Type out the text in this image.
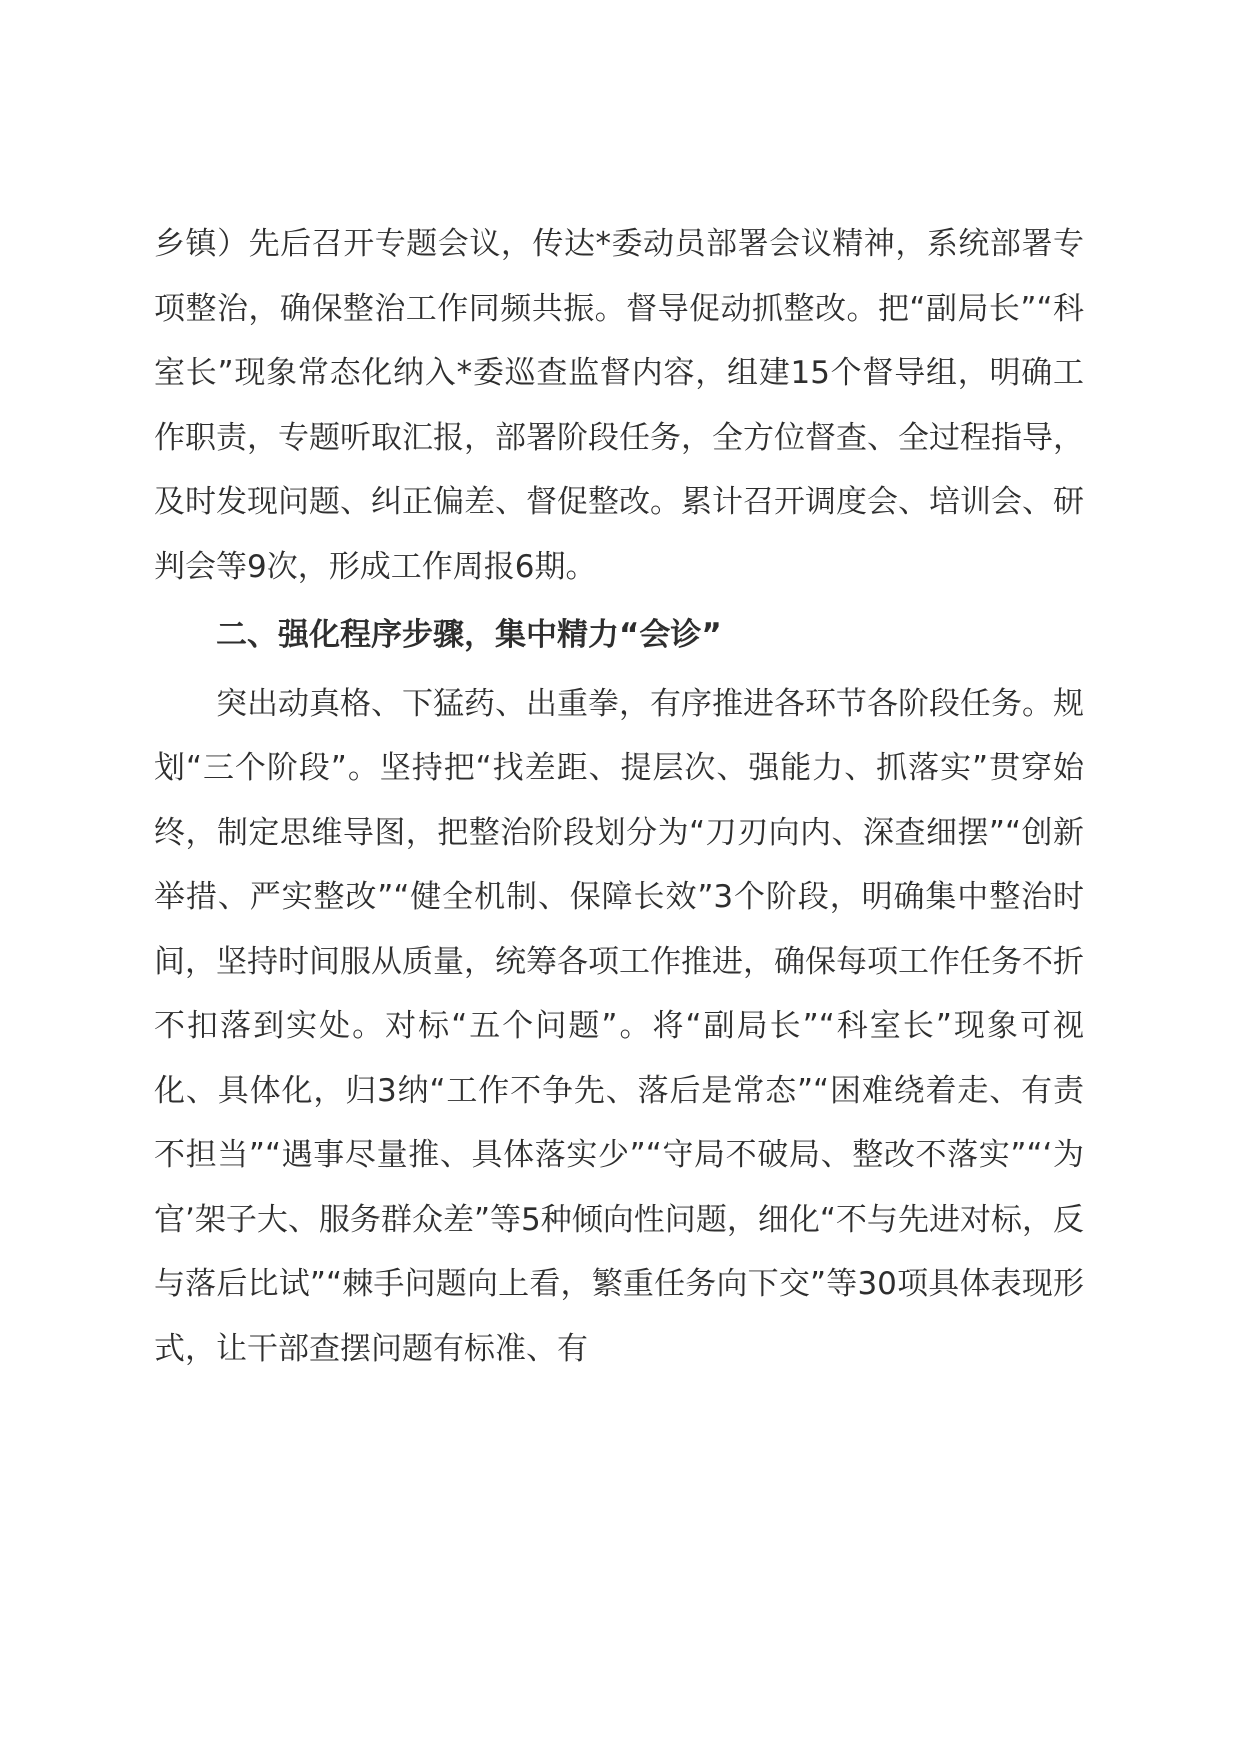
乡镇）先后召开专题会议，传达*委动员部署会议精神，系统部署专项整治，确保整治工作同频共振。督导促动抓整改。把“副局长”“科室长”现象常态化纳入*委巡查监督内容，组建15个督导组，明确工作职责，专题听取汇报，部署阶段任务，全方位督查、全过程指导，及时发现问题、纠正偏差、督促整改。累计召开调度会、培训会、研判会等9次，形成工作周报6期。

二、强化程序步骤，集中精力“会诊”

突出动真格、下猛药、出重拳，有序推进各环节各阶段任务。规划“三个阶段”。坚持把“找差距、提层次、强能力、抓落实”贯穿始终，制定思维导图，把整治阶段划分为“刀刃向内、深查细摆”“创新举措、严实整改”“健全机制、保障长效”3个阶段，明确集中整治时间，坚持时间服从质量，统筹各项工作推进，确保每项工作任务不折不扣落到实处。对标“五个问题”。将“副局长”“科室长”现象可视化、具体化，归3纳“工作不争先、落后是常态”“困难绕着走、有责不担当”“遇事尽量推、具体落实少”“守局不破局、整改不落实”“‘为官’架子大、服务群众差”等5种倾向性问题，细化“不与先进对标，反与落后比试”“棘手问题向上看，繁重任务向下交”等30项具体表现形式，让干部查摆问题有标准、有
